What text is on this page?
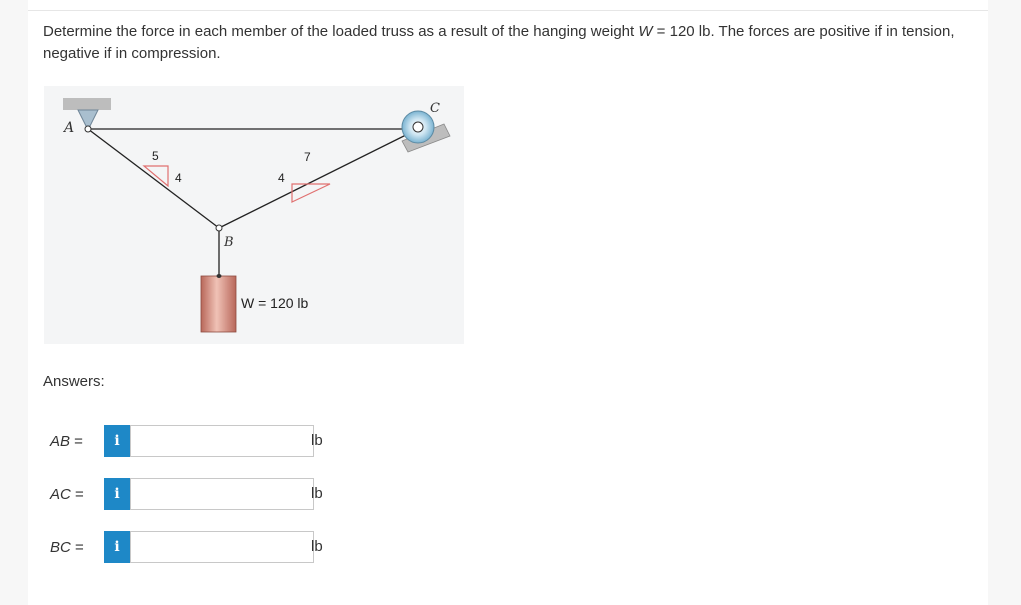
Determine the force in each member of the loaded truss as a result of the hanging weight W = 120 lb. The forces are positive if in tension, negative if in compression.
A
B
C
5
4	4
7
W = 120 lb
Answers:
AB =	i	lb
AC =	i	lb
BC =	i	lb
